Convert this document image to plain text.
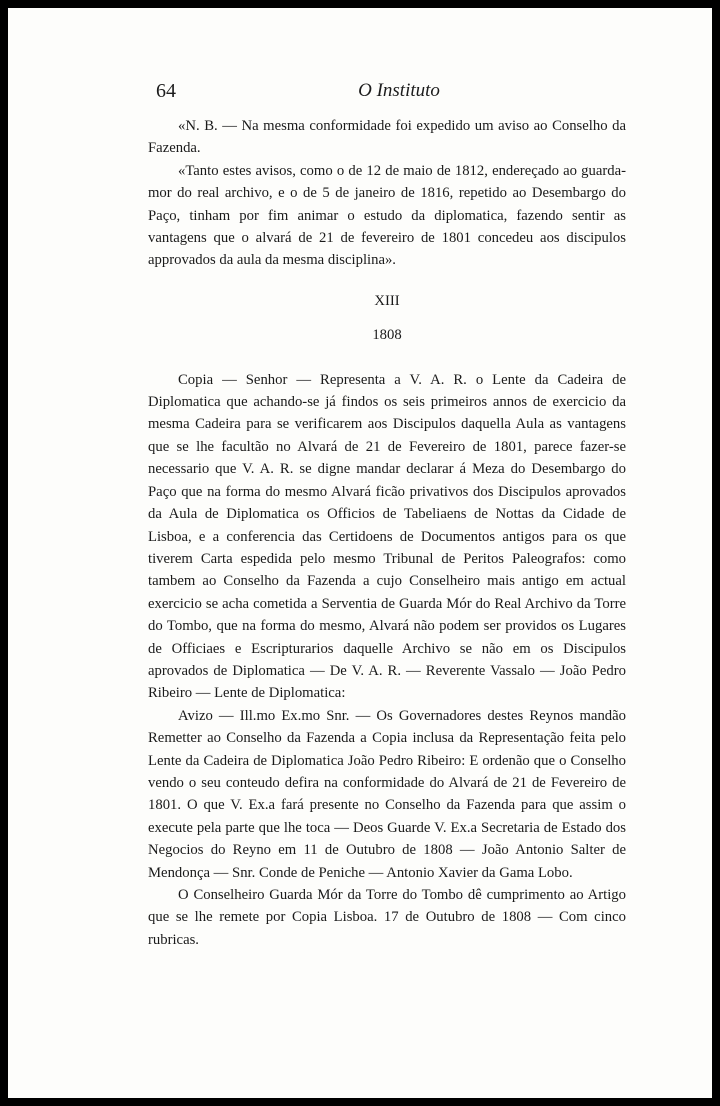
64	O Instituto

«N. B. — Na mesma conformidade foi expedido um aviso ao Conselho da Fazenda.

«Tanto estes avisos, como o de 12 de maio de 1812, endereçado ao guarda-mor do real archivo, e o de 5 de janeiro de 1816, repetido ao Desembargo do Paço, tinham por fim animar o estudo da diplomatica, fazendo sentir as vantagens que o alvará de 21 de fevereiro de 1801 concedeu aos discipulos approvados da aula da mesma disciplina».

XIII

1808

Copia — Senhor — Representa a V. A. R. o Lente da Cadeira de Diplomatica que achando-se já findos os seis primeiros annos de exercicio da mesma Cadeira para se verificarem aos Discipulos daquella Aula as vantagens que se lhe facultão no Alvará de 21 de Fevereiro de 1801, parece fazer-se necessario que V. A. R. se digne mandar declarar á Meza do Desembargo do Paço que na forma do mesmo Alvará ficão privativos dos Discipulos aprovados da Aula de Diplomatica os Officios de Tabeliaens de Nottas da Cidade de Lisboa, e a conferencia das Certidoens de Documentos antigos para os que tiverem Carta espedida pelo mesmo Tribunal de Peritos Paleografos: como tambem ao Conselho da Fazenda a cujo Conselheiro mais antigo em actual exercicio se acha cometida a Serventia de Guarda Mór do Real Archivo da Torre do Tombo, que na forma do mesmo, Alvará não podem ser providos os Lugares de Officiaes e Escripturarios daquelle Archivo se não em os Discipulos aprovados de Diplomatica — De V. A. R. — Reverente Vassalo — João Pedro Ribeiro — Lente de Diplomatica:

Avizo — Ill.mo Ex.mo Snr. — Os Governadores destes Reynos mandão Remetter ao Conselho da Fazenda a Copia inclusa da Representação feita pelo Lente da Cadeira de Diplomatica João Pedro Ribeiro: E ordenão que o Conselho vendo o seu conteudo defira na conformidade do Alvará de 21 de Fevereiro de 1801. O que V. Ex.a fará presente no Conselho da Fazenda para que assim o execute pela parte que lhe toca — Deos Guarde V. Ex.a Secretaria de Estado dos Negocios do Reyno em 11 de Outubro de 1808 — João Antonio Salter de Mendonça — Snr. Conde de Peniche — Antonio Xavier da Gama Lobo.

O Conselheiro Guarda Mór da Torre do Tombo dê cumprimento ao Artigo que se lhe remete por Copia Lisboa. 17 de Outubro de 1808 — Com cinco rubricas.
